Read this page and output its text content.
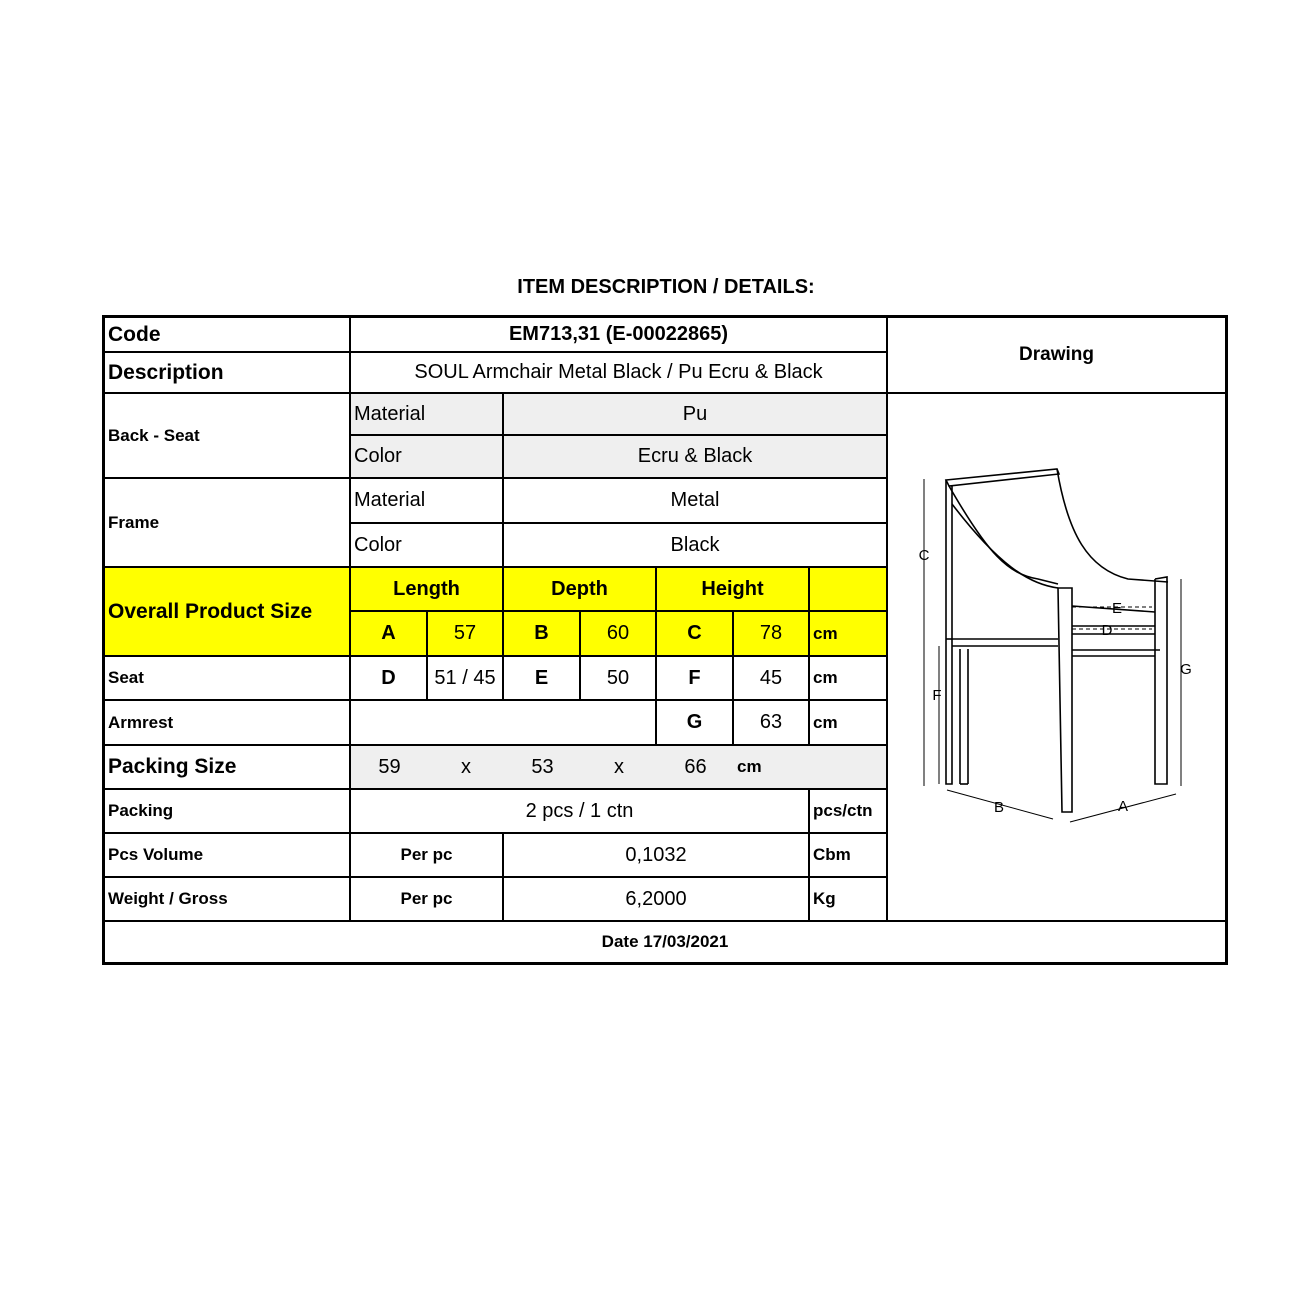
ITEM DESCRIPTION / DETAILS:
Code	EM713,31 (E-00022865)
Description	SOUL Armchair Metal Black / Pu Ecru & Black
Drawing
Back - Seat
Material	Pu
Color	Ecru & Black
Frame
Material	Metal
Color	Black
Overall Product Size
Length	Depth	Height
A	57	B	60	C	78	cm
Seat	D	51 / 45	E	50	F	45	cm
Armrest	G	63	cm
Packing Size	59	x	53	x	66	cm
Packing	2 pcs / 1 ctn	pcs/ctn
Pcs Volume	Per pc	0,1032	Cbm
Weight / Gross	Per pc	6,2000	Kg
C
F
G
E
D
B	A
Date 17/03/2021
